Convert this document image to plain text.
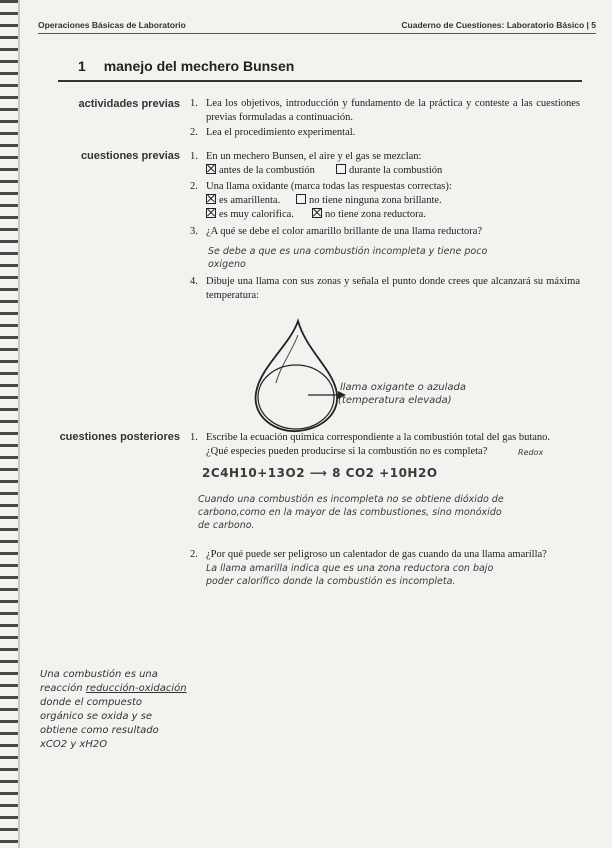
Operaciones Básicas de Laboratorio	Cuaderno de Cuestiones: Laboratorio Básico | 5
1 manejo del mechero Bunsen
actividades previas
cuestiones previas
cuestiones posteriores
1. Lea los objetivos, introducción y fundamento de la práctica y conteste a las cuestiones previas formuladas a continuación.
2. Lea el procedimiento experimental.
1. En un mechero Bunsen, el aire y el gas se mezclan:
antes de la combustión	durante la combustión
2. Una llama oxidante (marca todas las respuestas correctas):
es amarillenta.	no tiene ninguna zona brillante.
es muy calorífica.	no tiene zona reductora.
3. ¿A qué se debe el color amarillo brillante de una llama reductora?
Se debe a que es una combustión incompleta y tiene poco
oxigeno
4. Dibuje una llama con sus zonas y señala el punto donde crees que alcanzará su máxima temperatura:
llama oxigante o azulada
(temperatura elevada)
1. Escribe la ecuación química correspondiente a la combustión total del gas butano.
¿Qué especies pueden producirse si la combustión no es completa?	Redox
2C4H10+13O2 ⟶ 8 CO2 +10H2O
Cuando una combustión es incompleta no se obtiene dióxido de
carbono,como en la mayor de las combustiones, sino monóxido
de carbono.
2. ¿Por qué puede ser peligroso un calentador de gas cuando da una llama amarilla?
La llama amarilla indica que es una zona reductora con bajo
poder calorífico donde la combustión es incompleta.
Una combustión es una
reacción reducción-oxidación
donde el compuesto
orgánico se oxida y se
obtiene como resultado
xCO2 y xH2O
